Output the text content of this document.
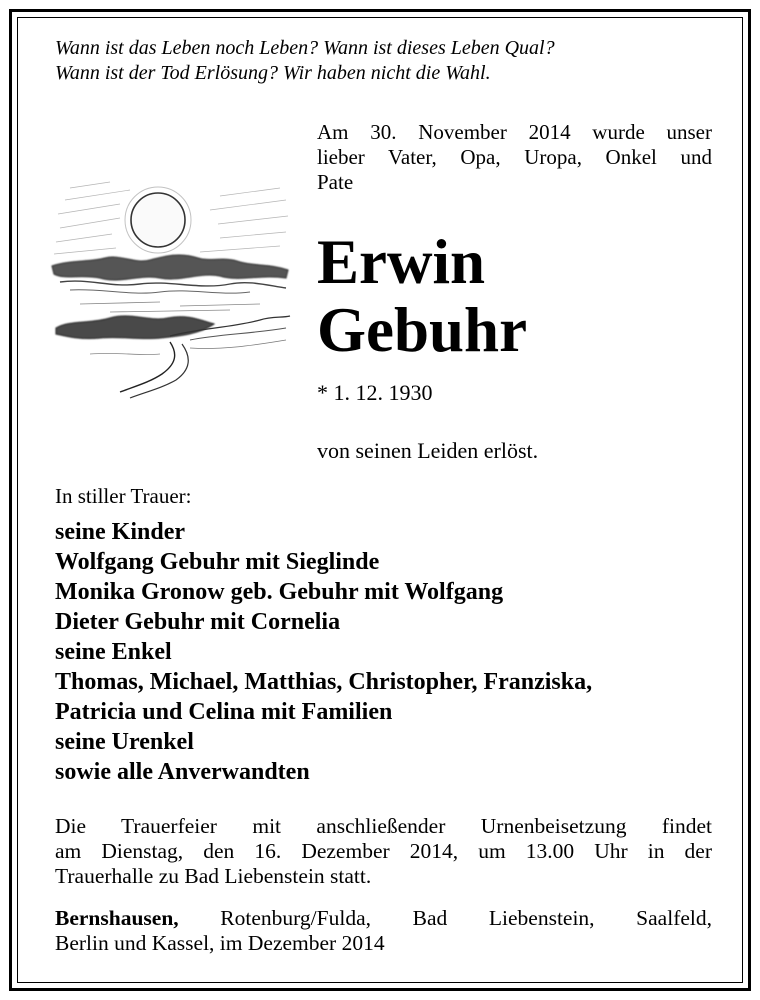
Wann ist das Leben noch Leben? Wann ist dieses Leben Qual?
Wann ist der Tod Erlösung? Wir haben nicht die Wahl.
Am 30. November 2014 wurde unser
lieber Vater, Opa, Uropa, Onkel und
Pate
Erwin
Gebuhr
* 1. 12. 1930
von seinen Leiden erlöst.
In stiller Trauer:
seine Kinder
Wolfgang Gebuhr mit Sieglinde
Monika Gronow geb. Gebuhr mit Wolfgang
Dieter Gebuhr mit Cornelia
seine Enkel
Thomas, Michael, Matthias, Christopher, Franziska,
Patricia und Celina mit Familien
seine Urenkel
sowie alle Anverwandten
Die Trauerfeier mit anschließender Urnenbeisetzung findet
am Dienstag, den 16. Dezember 2014, um 13.00 Uhr in der
Trauerhalle zu Bad Liebenstein statt.
Bernshausen, Rotenburg/Fulda, Bad Liebenstein, Saalfeld,
Berlin und Kassel, im Dezember 2014
